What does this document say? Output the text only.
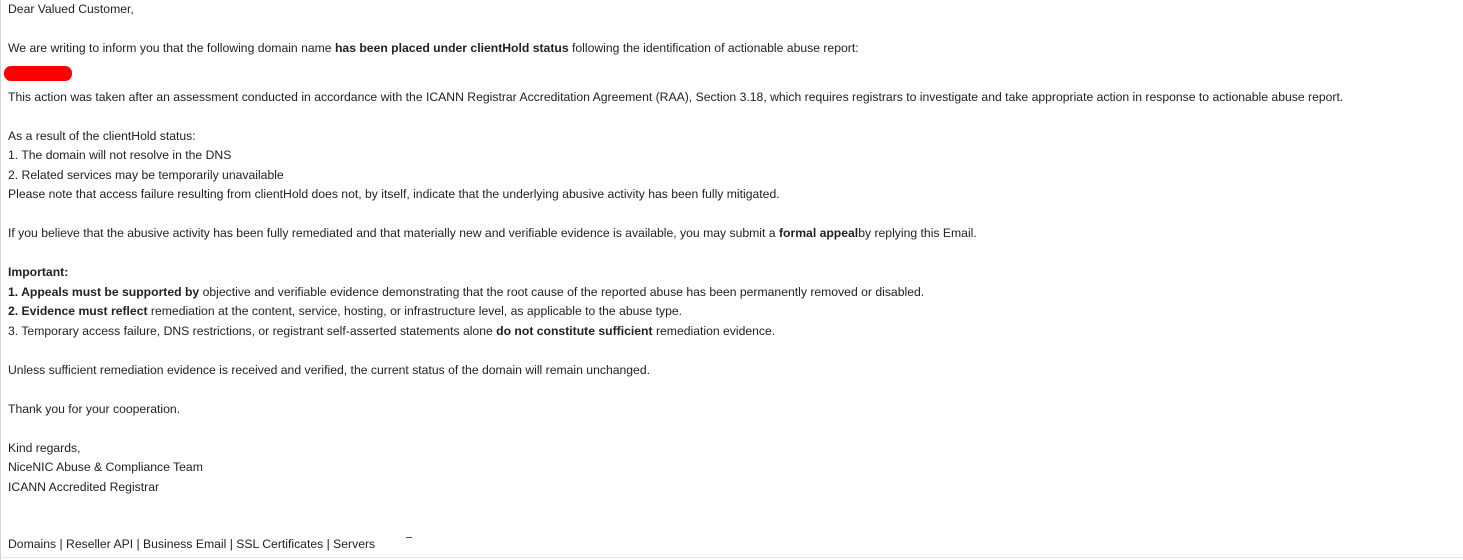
Dear Valued Customer,
We are writing to inform you that the following domain name has been placed under clientHold status following the identification of actionable abuse report:
This action was taken after an assessment conducted in accordance with the ICANN Registrar Accreditation Agreement (RAA), Section 3.18, which requires registrars to investigate and take appropriate action in response to actionable abuse report.
As a result of the clientHold status:
1. The domain will not resolve in the DNS
2. Related services may be temporarily unavailable
Please note that access failure resulting from clientHold does not, by itself, indicate that the underlying abusive activity has been fully mitigated.
If you believe that the abusive activity has been fully remediated and that materially new and verifiable evidence is available, you may submit a formal appealby replying this Email.
Important:
1. Appeals must be supported by objective and verifiable evidence demonstrating that the root cause of the reported abuse has been permanently removed or disabled.
2. Evidence must reflect remediation at the content, service, hosting, or infrastructure level, as applicable to the abuse type.
3. Temporary access failure, DNS restrictions, or registrant self-asserted statements alone do not constitute sufficient remediation evidence.
Unless sufficient remediation evidence is received and verified, the current status of the domain will remain unchanged.
Thank you for your cooperation.
Kind regards,
NiceNIC Abuse & Compliance Team
ICANN Accredited Registrar
Domains | Reseller API | Business Email | SSL Certificates | Servers
